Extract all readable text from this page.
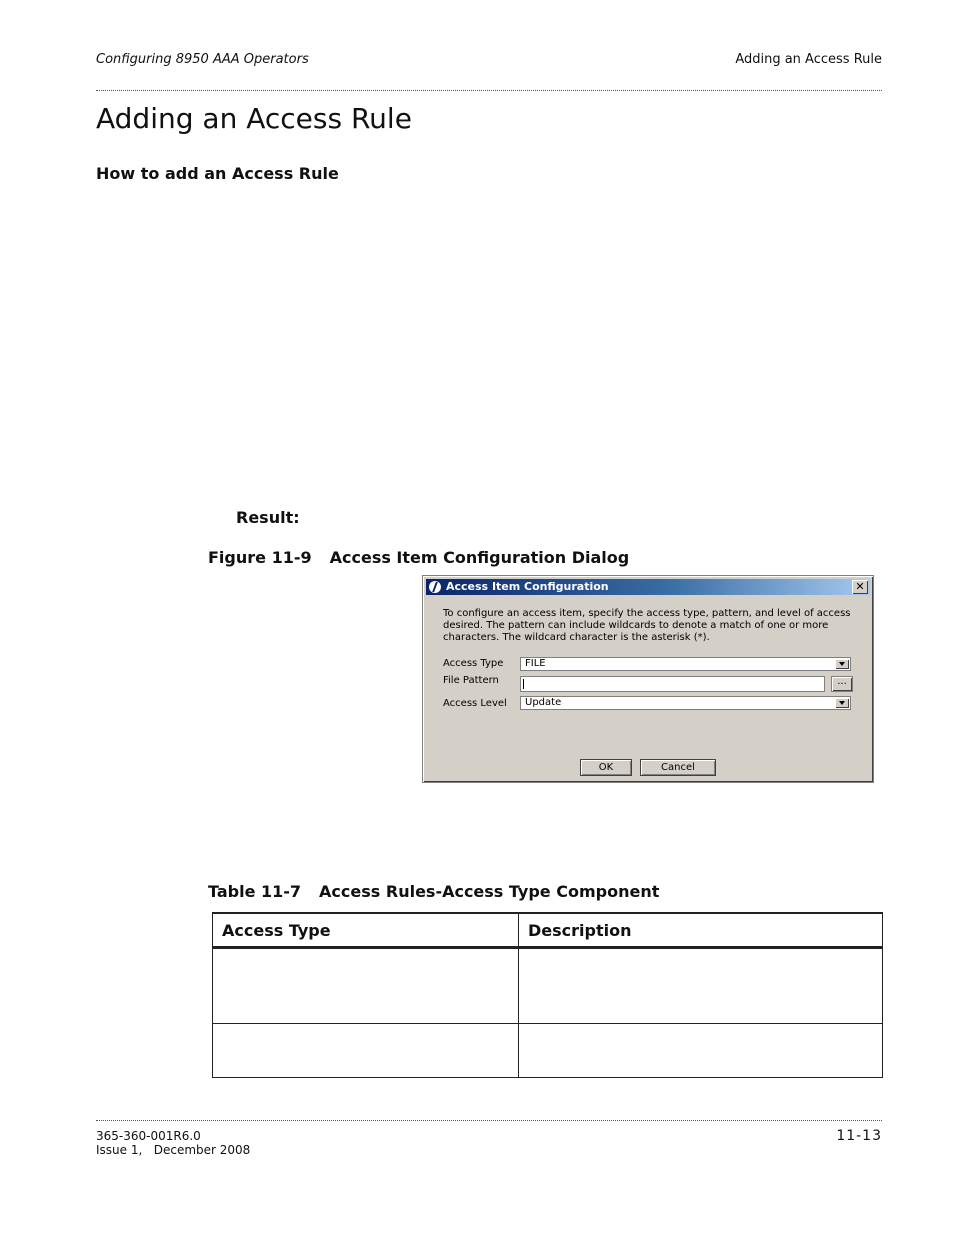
Configuring 8950 AAA Operators	Adding an Access Rule
Adding an Access Rule
How to add an Access Rule
Result:
Figure 11-9 Access Item Configuration Dialog
Access Item Configuration	✕
To configure an access item, specify the access type, pattern, and level of access desired. The pattern can include wildcards to denote a match of one or more characters. The wildcard character is the asterisk (*).
Access Type	FILE
File Pattern	...
Access Level	Update
OK	Cancel
Table 11-7 Access Rules-Access Type Component
Access Type	Description

365-360-001R6.0
Issue 1,   December 2008
11-13
